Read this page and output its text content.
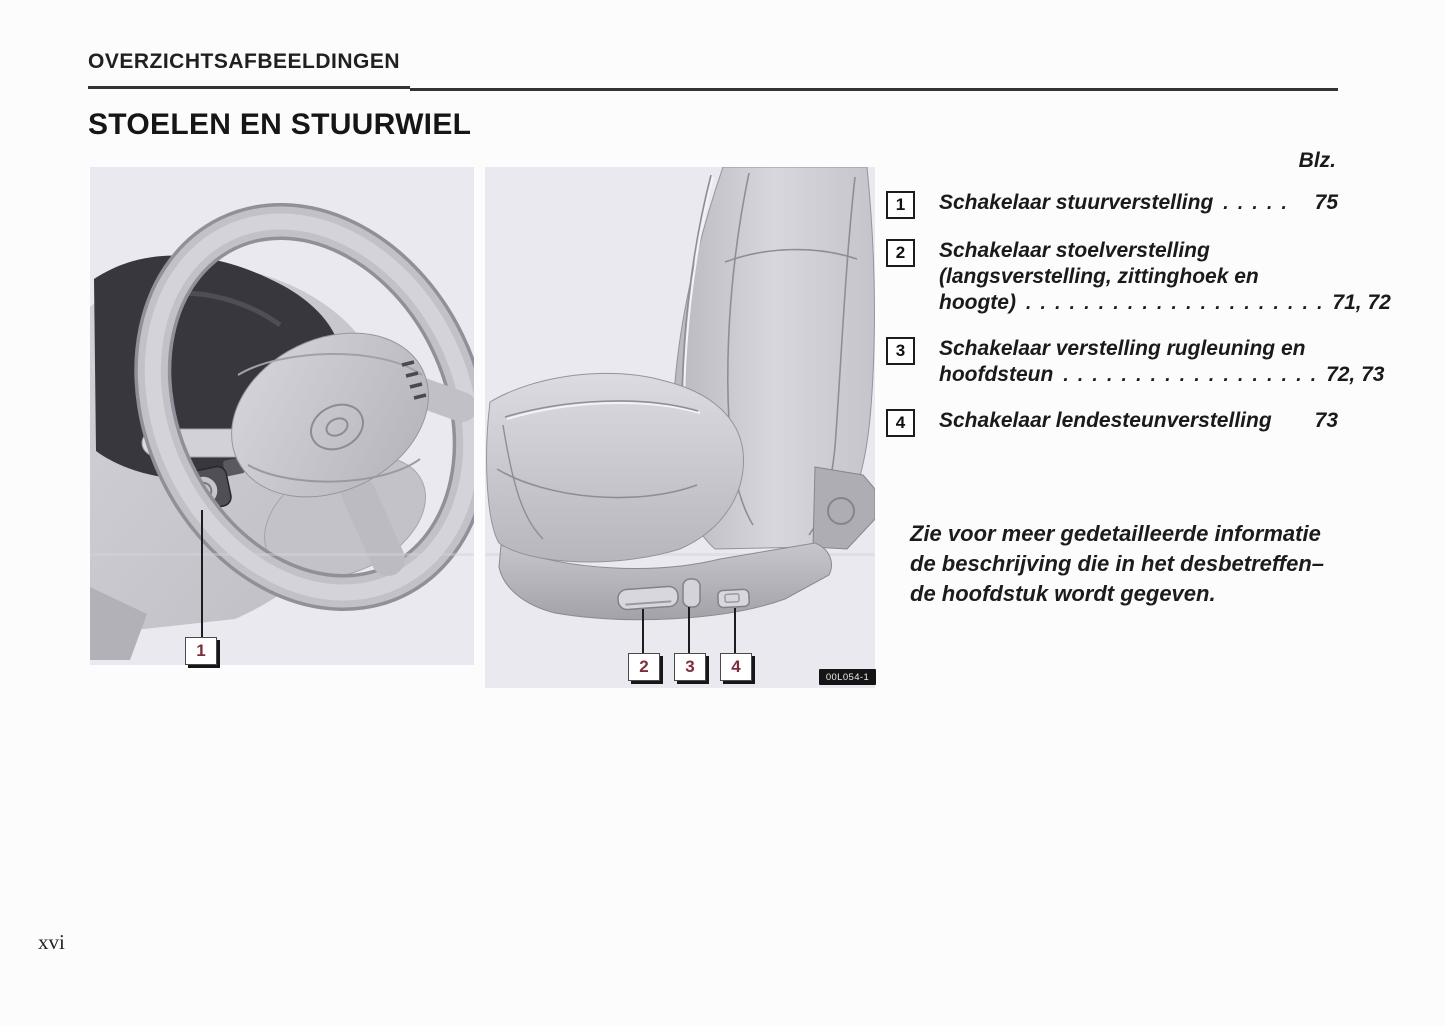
OVERZICHTSAFBEELDINGEN
STOELEN EN STUURWIEL
1
2	3	4
00L054-1
Blz.
1	Schakelaar stuurverstelling . . . . .	75
2	Schakelaar stoelverstelling
(langsverstelling, zittinghoek en
hoogte) . . . . . . . . . . . . . . . . . . . . . 71, 72
3	Schakelaar verstelling rugleuning en
hoofdsteun . . . . . . . . . . . . . . . . . . 72, 73
4	Schakelaar lendesteunverstelling 73
Zie voor meer gedetailleerde informatie
de beschrijving die in het desbetreffen–
de hoofdstuk wordt gegeven.
xvi
